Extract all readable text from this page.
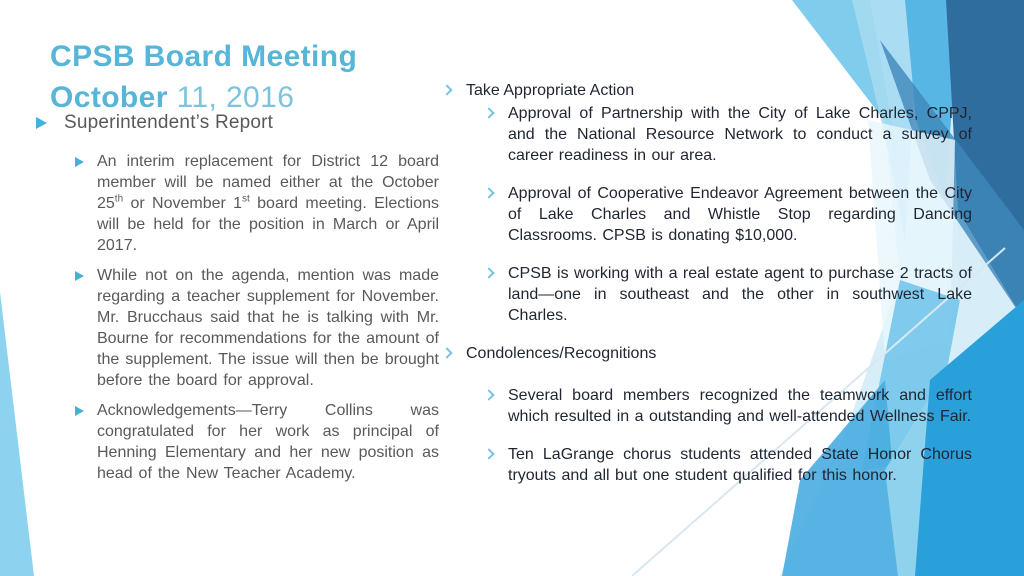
CPSB Board Meeting
October 11, 2016
Superintendent’s Report

An interim replacement for District 12 board member will be named either at the October 25th or November 1st board meeting. Elections will be held for the position in March or April 2017.

While not on the agenda, mention was made regarding a teacher supplement for November. Mr. Brucchaus said that he is talking with Mr. Bourne for recommendations for the amount of the supplement. The issue will then be brought before the board for approval.

Acknowledgements—Terry Collins was congratulated for her work as principal of Henning Elementary and her new position as head of the New Teacher Academy.

Take Appropriate Action

Approval of Partnership with the City of Lake Charles, CPPJ, and the National Resource Network to conduct a survey of career readiness in our area.

Approval of Cooperative Endeavor Agreement between the City of Lake Charles and Whistle Stop regarding Dancing Classrooms. CPSB is donating $10,000.

CPSB is working with a real estate agent to purchase 2 tracts of land—one in southeast and the other in southwest Lake Charles.

Condolences/Recognitions

Several board members recognized the teamwork and effort which resulted in a outstanding and well-attended Wellness Fair.

Ten LaGrange chorus students attended State Honor Chorus tryouts and all but one student qualified for this honor.
